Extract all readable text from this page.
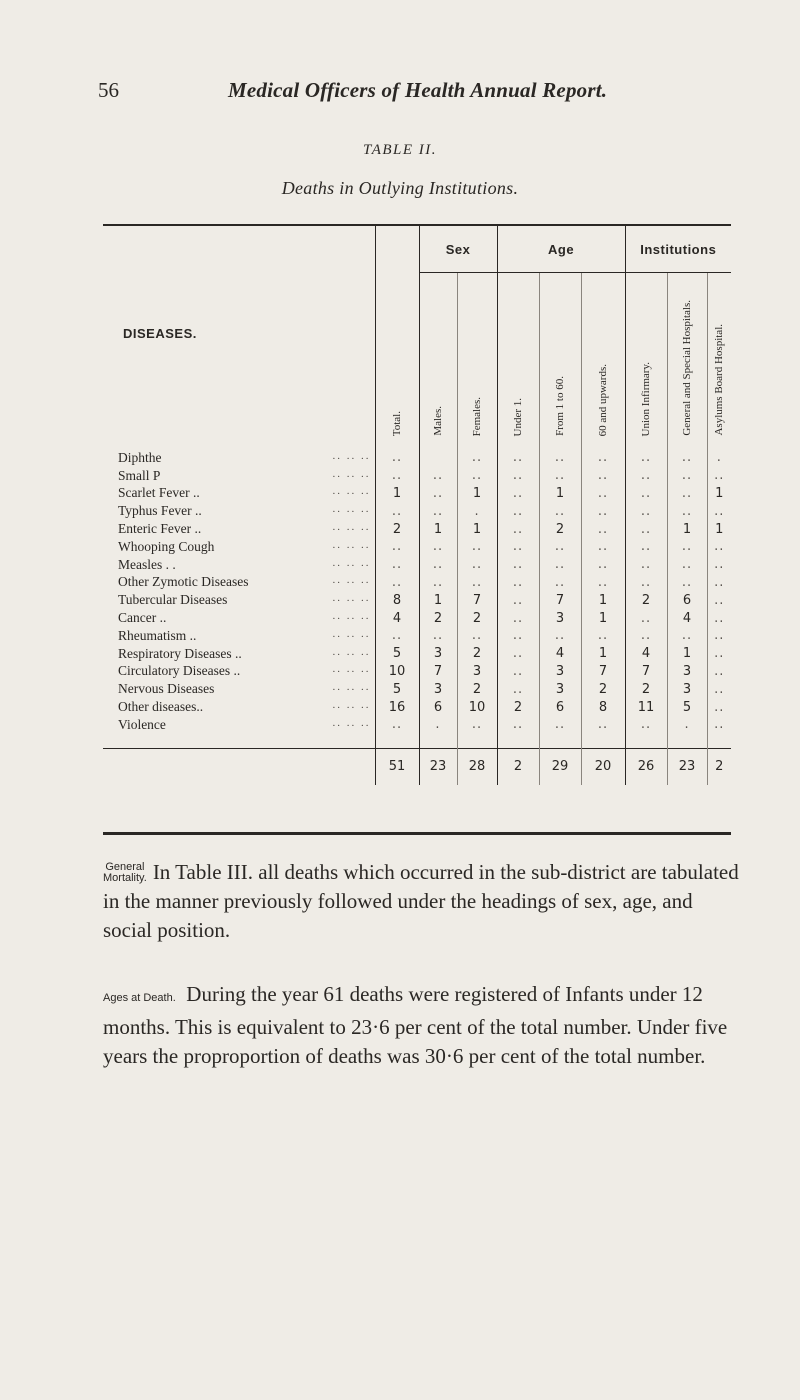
56	Medical Officers of Health Annual Report.
TABLE II.
Deaths in Outlying Institutions.
DISEASES.		Sex		Age			Institutions		
	Total.	Males.	Females.	Under 1.	From 1 to 60.	60 and upwards.	Union Infirmary.	General and Special Hospitals.	Asylums Board Hospital.
Diphthe .. .. ..	..		..	..	..	..	..	..	.
Small P .. .. ..	..	..	..	..	..	..	..	..	..
Scarlet Fever .. .. .. ..	1	..	1	..	1	..	..	..	1
Typhus Fever .. .. .. ..	..	..	.	..	..	..	..	..	..
Enteric Fever .. .. .. ..	2	1	1	..	2	..	..	1	1
Whooping Cough .. .. ..	..	..	..	..	..	..	..	..	..
Measles . . .. .. ..	..	..	..	..	..	..	..	..	..
Other Zymotic Diseases .. .. ..	..	..	..	..	..	..	..	..	..
Tubercular Diseases .. .. ..	8	1	7	..	7	1	2	6	..
Cancer .. .. .. ..	4	2	2	..	3	1	..	4	..
Rheumatism .. .. .. ..	..	..	..	..	..	..	..	..	..
Respiratory Diseases .. .. .. ..	5	3	2	..	4	1	4	1	..
Circulatory Diseases .. .. .. ..	10	7	3	..	3	7	7	3	..
Nervous Diseases .. .. ..	5	3	2	..	3	2	2	3	..
Other diseases.. .. .. ..	16	6	10	2	6	8	11	5	..
Violence .. .. ..	..	.	..	..	..	..	..	.	..

	51	23	28	2	29	20	26	23	2
General
Mortality. In Table III. all deaths which occurred in the sub-district are tabulated in the manner previously followed under the headings of sex, age, and social position.
Ages at Death. During the year 61 deaths were registered of Infants under 12 months. This is equivalent to 23·6 per cent of the total number. Under five years the proproportion of deaths was 30·6 per cent of the total number.
